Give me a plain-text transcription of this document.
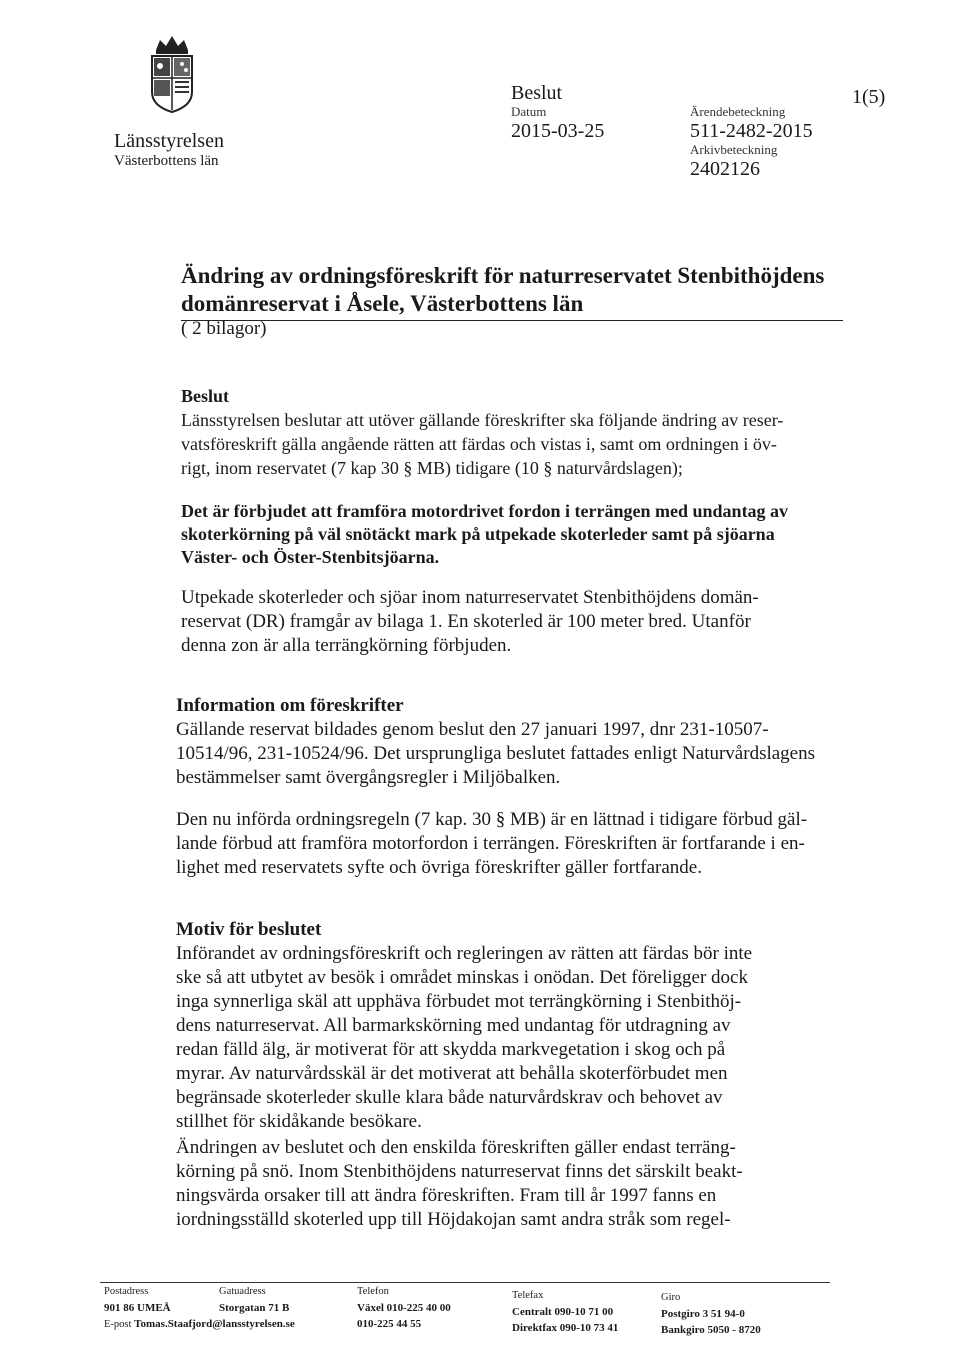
Länsstyrelsen
Västerbottens län
Beslut
Datum
2015-03-25
Ärendebeteckning
511-2482-2015
Arkivbeteckning
2402126
1(5)
Ändring av ordningsföreskrift för naturreservatet Stenbithöjdens
domänreservat i Åsele, Västerbottens län
( 2 bilagor)
Beslut
Länsstyrelsen beslutar att utöver gällande föreskrifter ska följande ändring av reser-
vatsföreskrift gälla angående rätten att färdas och vistas i, samt om ordningen i öv-
rigt, inom reservatet (7 kap 30 § MB) tidigare (10 § naturvårdslagen);
Det är förbjudet att framföra motordrivet fordon i terrängen med undantag av
skoterkörning på väl snötäckt mark på utpekade skoterleder samt på sjöarna
Väster- och Öster-Stenbitsjöarna.
Utpekade skoterleder och sjöar inom naturreservatet Stenbithöjdens domän-
reservat (DR) framgår av bilaga 1. En skoterled är 100 meter bred. Utanför
denna zon är alla terrängkörning förbjuden.
Information om föreskrifter
Gällande reservat bildades genom beslut den 27 januari 1997, dnr 231-10507-
10514/96, 231-10524/96. Det ursprungliga beslutet fattades enligt Naturvårdslagens
bestämmelser samt övergångsregler i Miljöbalken.
Den nu införda ordningsregeln (7 kap. 30 § MB) är en lättnad i tidigare förbud gäl-
lande förbud att framföra motorfordon i terrängen. Föreskriften är fortfarande i en-
lighet med reservatets syfte och övriga föreskrifter gäller fortfarande.
Motiv för beslutet
Införandet av ordningsföreskrift och regleringen av rätten att färdas bör inte
ske så att utbytet av besök i området minskas i onödan. Det föreligger dock
inga synnerliga skäl att upphäva förbudet mot terrängkörning i Stenbithöj-
dens naturreservat. All barmarkskörning med undantag för utdragning av
redan fälld älg, är motiverat för att skydda markvegetation i skog och på
myrar. Av naturvårdsskäl är det motiverat att behålla skoterförbudet men
begränsade skoterleder skulle klara både naturvårdskrav och behovet av
stillhet för skidåkande besökare.
Ändringen av beslutet och den enskilda föreskriften gäller endast terräng-
körning på snö. Inom Stenbithöjdens naturreservat finns det särskilt beakt-
ningsvärda orsaker till att ändra föreskriften. Fram till år 1997 fanns en
iordningsställd skoterled upp till Höjdakojan samt andra stråk som regel-
Postadress
901 86 UMEÅ
E-post Tomas.Staafjord@lansstyrelsen.se
Gatuadress
Storgatan 71 B
Telefon
Växel 010-225 40 00
010-225 44 55
Telefax
Centralt 090-10 71 00
Direktfax 090-10 73 41
Giro
Postgiro 3 51 94-0
Bankgiro 5050 - 8720
